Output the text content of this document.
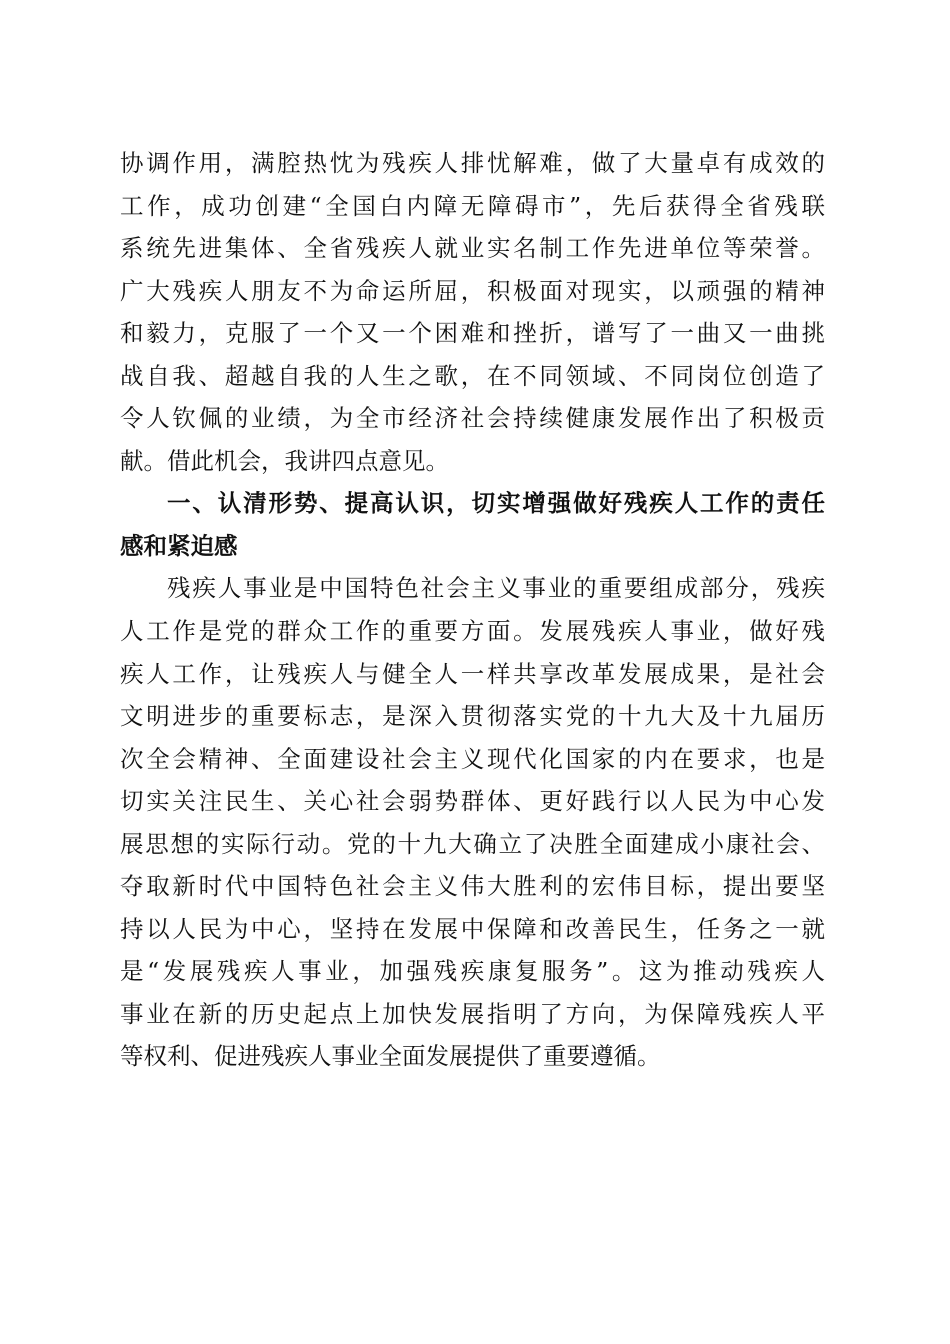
协调作用，满腔热忱为残疾人排忧解难，做了大量卓有成效的
工作，成功创建“全国白内障无障碍市”，先后获得全省残联
系统先进集体、全省残疾人就业实名制工作先进单位等荣誉。
广大残疾人朋友不为命运所屈，积极面对现实，以顽强的精神
和毅力，克服了一个又一个困难和挫折，谱写了一曲又一曲挑
战自我、超越自我的人生之歌，在不同领域、不同岗位创造了
令人钦佩的业绩，为全市经济社会持续健康发展作出了积极贡
献。借此机会，我讲四点意见。
一、认清形势、提高认识，切实增强做好残疾人工作的责任
感和紧迫感
残疾人事业是中国特色社会主义事业的重要组成部分，残疾
人工作是党的群众工作的重要方面。发展残疾人事业，做好残
疾人工作，让残疾人与健全人一样共享改革发展成果，是社会
文明进步的重要标志，是深入贯彻落实党的十九大及十九届历
次全会精神、全面建设社会主义现代化国家的内在要求，也是
切实关注民生、关心社会弱势群体、更好践行以人民为中心发
展思想的实际行动。党的十九大确立了决胜全面建成小康社会、
夺取新时代中国特色社会主义伟大胜利的宏伟目标，提出要坚
持以人民为中心，坚持在发展中保障和改善民生，任务之一就
是“发展残疾人事业，加强残疾康复服务”。这为推动残疾人
事业在新的历史起点上加快发展指明了方向，为保障残疾人平
等权利、促进残疾人事业全面发展提供了重要遵循。
